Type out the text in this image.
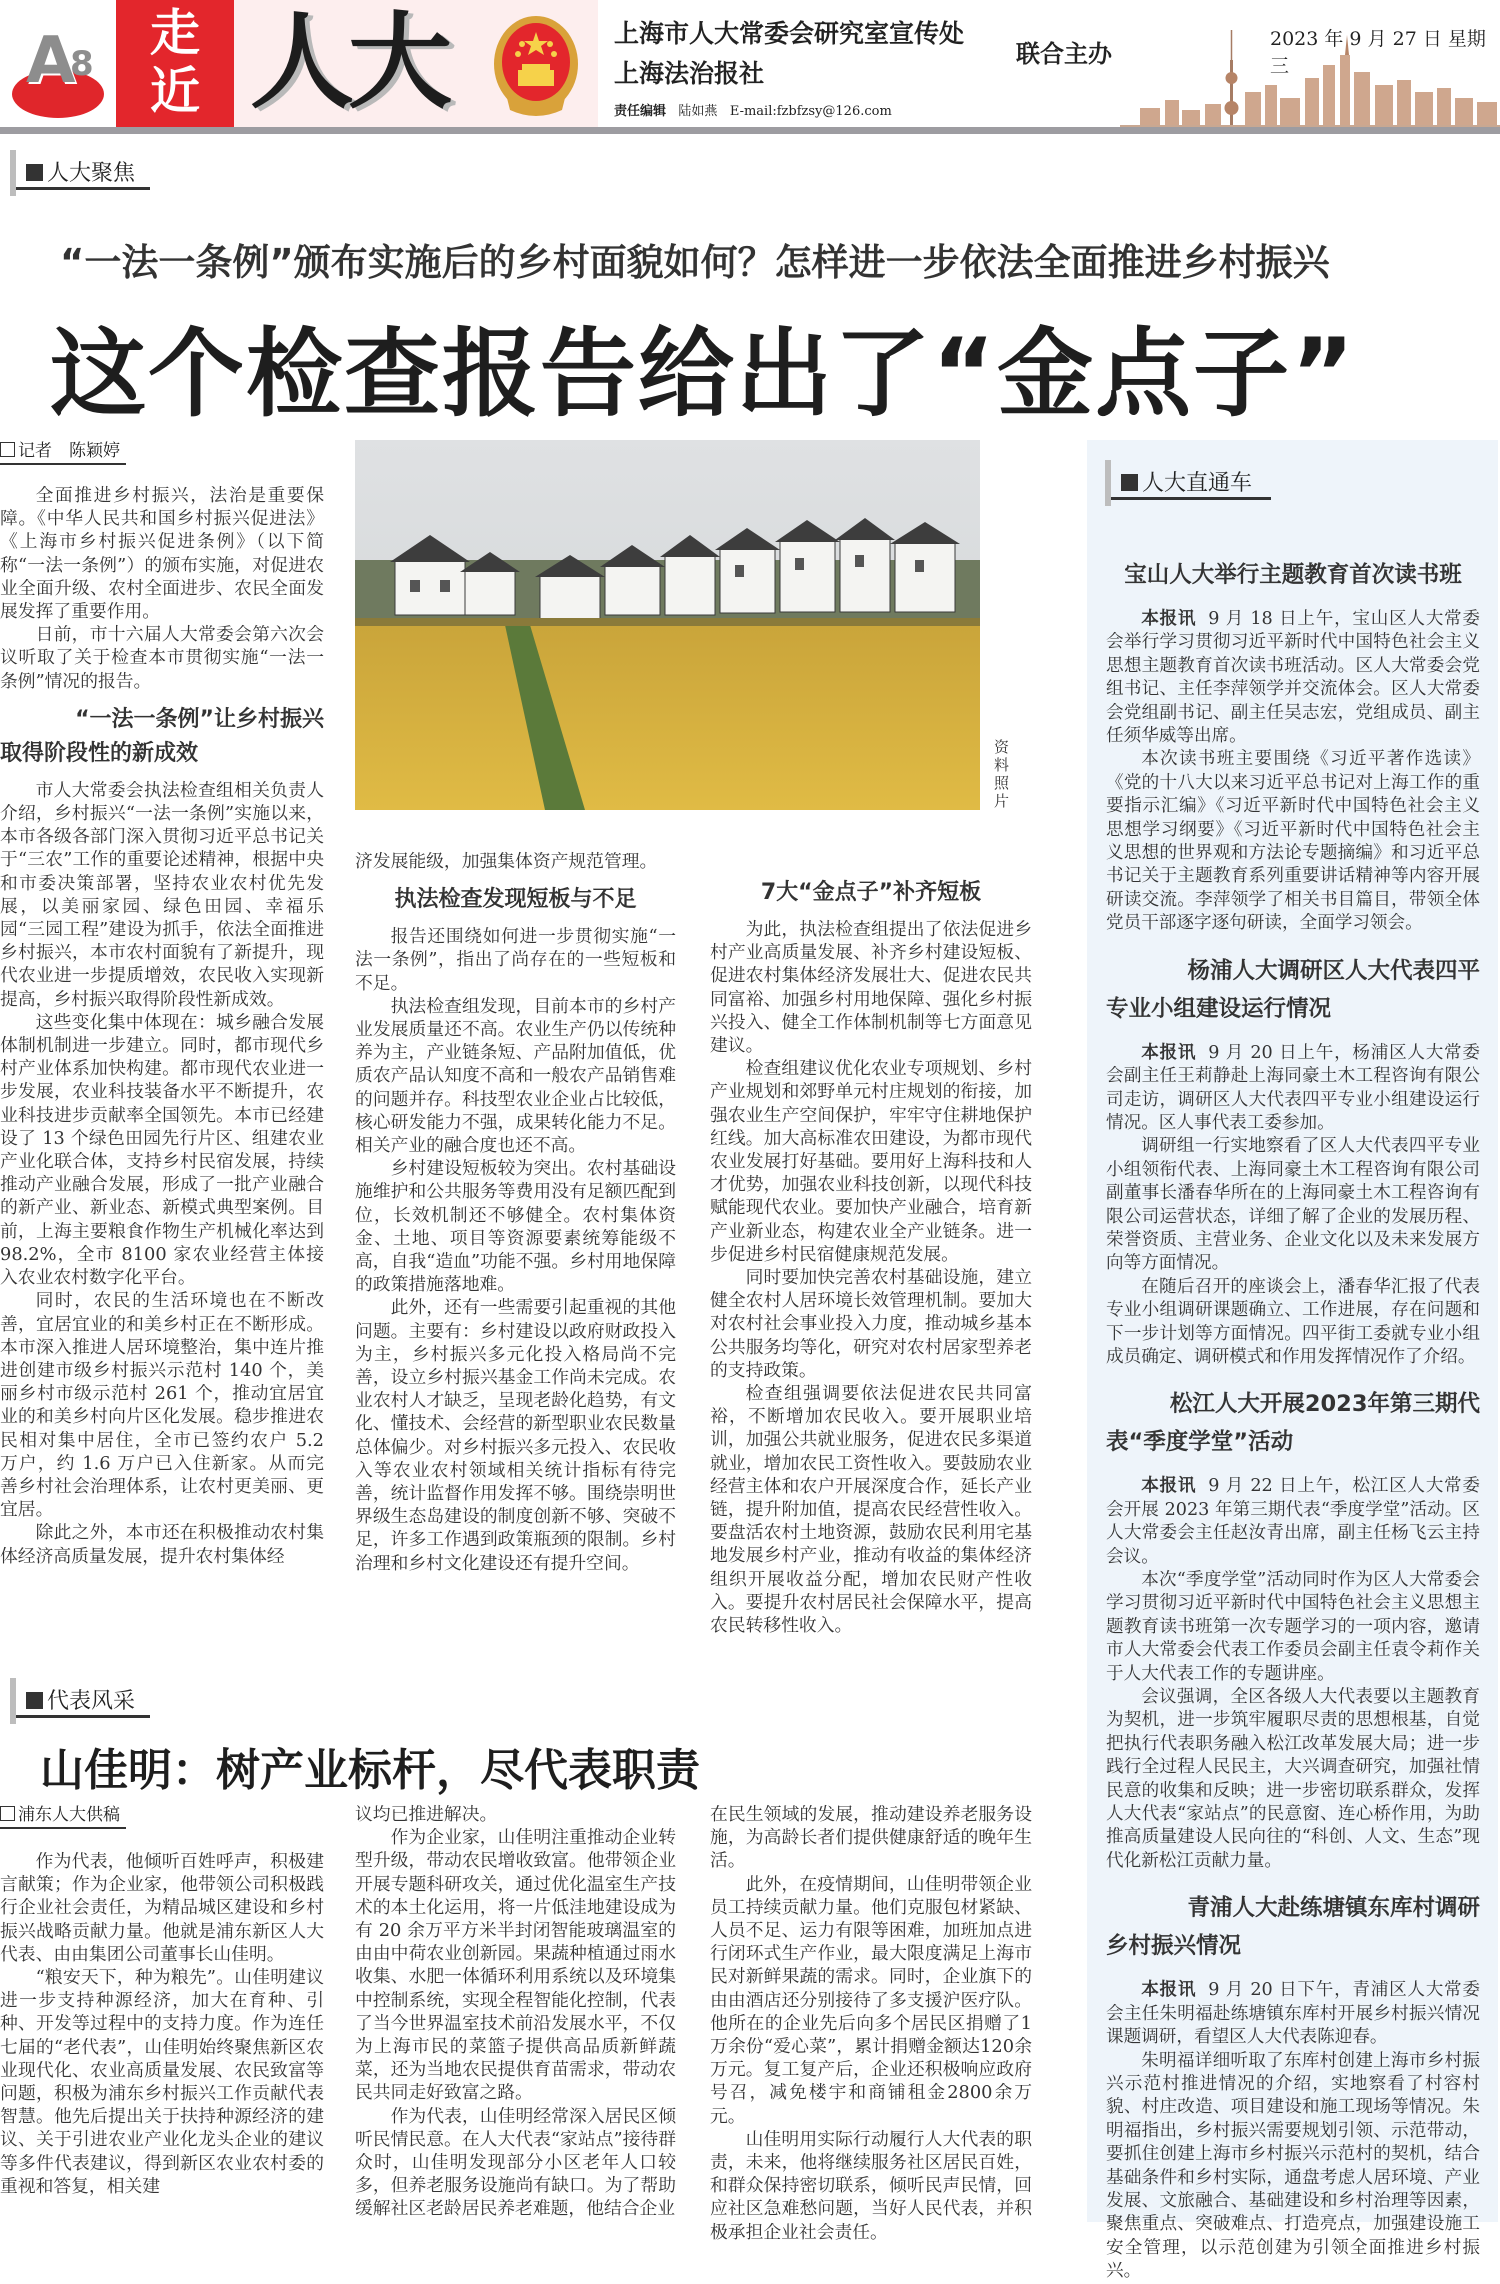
A
8
走近 人大	上海市人大常委会研究室宣传处
上海法治报社
责任编辑 陆如燕 E-mail:fzbfzsy@126.com
联合主办
2023 年 9 月 27 日 星期三
人大聚焦
“一法一条例”颁布实施后的乡村面貌如何？怎样进一步依法全面推进乡村振兴
这个检查报告给出了“金点子”
记者　陈颖婷

全面推进乡村振兴，法治是重要保障。《中华人民共和国乡村振兴促进法》《上海市乡村振兴促进条例》（以下简称“一法一条例”）的颁布实施，对促进农业全面升级、农村全面进步、农民全面发展发挥了重要作用。

日前，市十六届人大常委会第六次会议听取了关于检查本市贯彻实施“一法一条例”情况的报告。

“一法一条例”让乡村振兴
取得阶段性的新成效

市人大常委会执法检查组相关负责人介绍，乡村振兴“一法一条例”实施以来，本市各级各部门深入贯彻习近平总书记关于“三农”工作的重要论述精神，根据中央和市委决策部署，坚持农业农村优先发展，以美丽家园、绿色田园、幸福乐园“三园工程”建设为抓手，依法全面推进乡村振兴，本市农村面貌有了新提升，现代农业进一步提质增效，农民收入实现新提高，乡村振兴取得阶段性新成效。

这些变化集中体现在：城乡融合发展体制机制进一步建立。同时，都市现代乡村产业体系加快构建。都市现代农业进一步发展，农业科技装备水平不断提升，农业科技进步贡献率全国领先。本市已经建设了 13 个绿色田园先行片区、组建农业产业化联合体，支持乡村民宿发展，持续推动产业融合发展，形成了一批产业融合的新产业、新业态、新模式典型案例。目前，上海主要粮食作物生产机械化率达到 98.2%，全市 8100 家农业经营主体接入农业农村数字化平台。

同时，农民的生活环境也在不断改善，宜居宜业的和美乡村正在不断形成。本市深入推进人居环境整治，集中连片推进创建市级乡村振兴示范村 140 个，美丽乡村市级示范村 261 个，推动宜居宜业的和美乡村向片区化发展。稳步推进农民相对集中居住，全市已签约农户 5.2 万户，约 1.6 万户已入住新家。从而完善乡村社会治理体系，让农村更美丽、更宜居。

除此之外，本市还在积极推动农村集体经济高质量发展，提升农村集体经

资料照片

济发展能级，加强集体资产规范管理。

执法检查发现短板与不足

报告还围绕如何进一步贯彻实施“一法一条例”，指出了尚存在的一些短板和不足。

执法检查组发现，目前本市的乡村产业发展质量还不高。农业生产仍以传统种养为主，产业链条短、产品附加值低，优质农产品认知度不高和一般农产品销售难的问题并存。科技型农业企业占比较低，核心研发能力不强，成果转化能力不足。相关产业的融合度也还不高。

乡村建设短板较为突出。农村基础设施维护和公共服务等费用没有足额匹配到位，长效机制还不够健全。农村集体资金、土地、项目等资源要素统筹能级不高，自我“造血”功能不强。乡村用地保障的政策措施落地难。

此外，还有一些需要引起重视的其他问题。主要有：乡村建设以政府财政投入为主，乡村振兴多元化投入格局尚不完善，设立乡村振兴基金工作尚未完成。农业农村人才缺乏，呈现老龄化趋势，有文化、懂技术、会经营的新型职业农民数量总体偏少。对乡村振兴多元投入、农民收入等农业农村领域相关统计指标有待完善，统计监督作用发挥不够。围绕崇明世界级生态岛建设的制度创新不够、突破不足，许多工作遇到政策瓶颈的限制。乡村治理和乡村文化建设还有提升空间。

7大“金点子”补齐短板

为此，执法检查组提出了依法促进乡村产业高质量发展、补齐乡村建设短板、促进农村集体经济发展壮大、促进农民共同富裕、加强乡村用地保障、强化乡村振兴投入、健全工作体制机制等七方面意见建议。

检查组建议优化农业专项规划、乡村产业规划和郊野单元村庄规划的衔接，加强农业生产空间保护，牢牢守住耕地保护红线。加大高标准农田建设，为都市现代农业发展打好基础。要用好上海科技和人才优势，加强农业科技创新，以现代科技赋能现代农业。要加快产业融合，培育新产业新业态，构建农业全产业链条。进一步促进乡村民宿健康规范发展。

同时要加快完善农村基础设施，建立健全农村人居环境长效管理机制。要加大对农村社会事业投入力度，推动城乡基本公共服务均等化，研究对农村居家型养老的支持政策。

检查组强调要依法促进农民共同富裕，不断增加农民收入。要开展职业培训，加强公共就业服务，促进农民多渠道就业，增加农民工资性收入。要鼓励农业经营主体和农户开展深度合作，延长产业链，提升附加值，提高农民经营性收入。要盘活农村土地资源，鼓励农民利用宅基地发展乡村产业，推动有收益的集体经济组织开展收益分配，增加农民财产性收入。要提升农村居民社会保障水平，提高农民转移性收入。

人大直通车
宝山人大举行主题教育首次读书班

本报讯 9 月 18 日上午，宝山区人大常委会举行学习贯彻习近平新时代中国特色社会主义思想主题教育首次读书班活动。区人大常委会党组书记、主任李萍领学并交流体会。区人大常委会党组副书记、副主任吴志宏，党组成员、副主任须华威等出席。

本次读书班主要围绕《习近平著作选读》《党的十八大以来习近平总书记对上海工作的重要指示汇编》《习近平新时代中国特色社会主义思想学习纲要》《习近平新时代中国特色社会主义思想的世界观和方法论专题摘编》和习近平总书记关于主题教育系列重要讲话精神等内容开展研读交流。李萍领学了相关书目篇目，带领全体党员干部逐字逐句研读，全面学习领会。

杨浦人大调研区人大代表四平
专业小组建设运行情况

本报讯 9 月 20 日上午，杨浦区人大常委会副主任王莉静赴上海同豪土木工程咨询有限公司走访，调研区人大代表四平专业小组建设运行情况。区人事代表工委参加。

调研组一行实地察看了区人大代表四平专业小组领衔代表、上海同豪土木工程咨询有限公司副董事长潘春华所在的上海同豪土木工程咨询有限公司运营状态，详细了解了企业的发展历程、荣誉资质、主营业务、企业文化以及未来发展方向等方面情况。

在随后召开的座谈会上，潘春华汇报了代表专业小组调研课题确立、工作进展，存在问题和下一步计划等方面情况。四平街工委就专业小组成员确定、调研模式和作用发挥情况作了介绍。

松江人大开展2023年第三期代
表“季度学堂”活动

本报讯 9 月 22 日上午，松江区人大常委会开展 2023 年第三期代表“季度学堂”活动。区人大常委会主任赵汝青出席，副主任杨飞云主持会议。

本次“季度学堂”活动同时作为区人大常委会学习贯彻习近平新时代中国特色社会主义思想主题教育读书班第一次专题学习的一项内容，邀请市人大常委会代表工作委员会副主任袁令莉作关于人大代表工作的专题讲座。

会议强调，全区各级人大代表要以主题教育为契机，进一步筑牢履职尽责的思想根基，自觉把执行代表职务融入松江改革发展大局；进一步践行全过程人民民主，大兴调查研究，加强社情民意的收集和反映；进一步密切联系群众，发挥人大代表“家站点”的民意窗、连心桥作用，为助推高质量建设人民向往的“科创、人文、生态”现代化新松江贡献力量。

青浦人大赴练塘镇东库村调研
乡村振兴情况

本报讯 9 月 20 日下午，青浦区人大常委会主任朱明福赴练塘镇东库村开展乡村振兴情况课题调研，看望区人大代表陈迎春。

朱明福详细听取了东库村创建上海市乡村振兴示范村推进情况的介绍，实地察看了村容村貌、村庄改造、项目建设和施工现场等情况。朱明福指出，乡村振兴需要规划引领、示范带动，要抓住创建上海市乡村振兴示范村的契机，结合基础条件和乡村实际，通盘考虑人居环境、产业发展、文旅融合、基础建设和乡村治理等因素，聚焦重点、突破难点、打造亮点，加强建设施工安全管理，以示范创建为引领全面推进乡村振兴。

代表风采
山佳明：树产业标杆，尽代表职责
浦东人大供稿

作为代表，他倾听百姓呼声，积极建言献策；作为企业家，他带领公司积极践行企业社会责任，为精品城区建设和乡村振兴战略贡献力量。他就是浦东新区人大代表、由由集团公司董事长山佳明。

“粮安天下，种为粮先”。山佳明建议进一步支持种源经济，加大在育种、引种、开发等过程中的支持力度。作为连任七届的“老代表”，山佳明始终聚焦新区农业现代化、农业高质量发展、农民致富等问题，积极为浦东乡村振兴工作贡献代表智慧。他先后提出关于扶持种源经济的建议、关于引进农业产业化龙头企业的建议等多件代表建议，得到新区农业农村委的重视和答复，相关建

议均已推进解决。

作为企业家，山佳明注重推动企业转型升级，带动农民增收致富。他带领企业开展专题科研攻关，通过优化温室生产技术的本土化运用，将一片低洼地建设成为有 20 余万平方米半封闭智能玻璃温室的由由中荷农业创新园。果蔬种植通过雨水收集、水肥一体循环利用系统以及环境集中控制系统，实现全程智能化控制，代表了当今世界温室技术前沿发展水平，不仅为上海市民的菜篮子提供高品质新鲜蔬菜，还为当地农民提供育苗需求，带动农民共同走好致富之路。

作为代表，山佳明经常深入居民区倾听民情民意。在人大代表“家站点”接待群众时，山佳明发现部分小区老年人口较多，但养老服务设施尚有缺口。为了帮助缓解社区老龄居民养老难题，他结合企业

在民生领域的发展，推动建设养老服务设施，为高龄长者们提供健康舒适的晚年生活。

此外，在疫情期间，山佳明带领企业员工持续贡献力量。他们克服包材紧缺、人员不足、运力有限等困难，加班加点进行闭环式生产作业，最大限度满足上海市民对新鲜果蔬的需求。同时，企业旗下的由由酒店还分别接待了多支援沪医疗队。他所在的企业先后向多个居民区捐赠了1万余份“爱心菜”，累计捐赠金额达120余万元。复工复产后，企业还积极响应政府号召，减免楼宇和商铺租金2800余万元。

山佳明用实际行动履行人大代表的职责，未来，他将继续服务社区居民百姓，和群众保持密切联系，倾听民声民情，回应社区急难愁问题，当好人民代表，并积极承担企业社会责任。
